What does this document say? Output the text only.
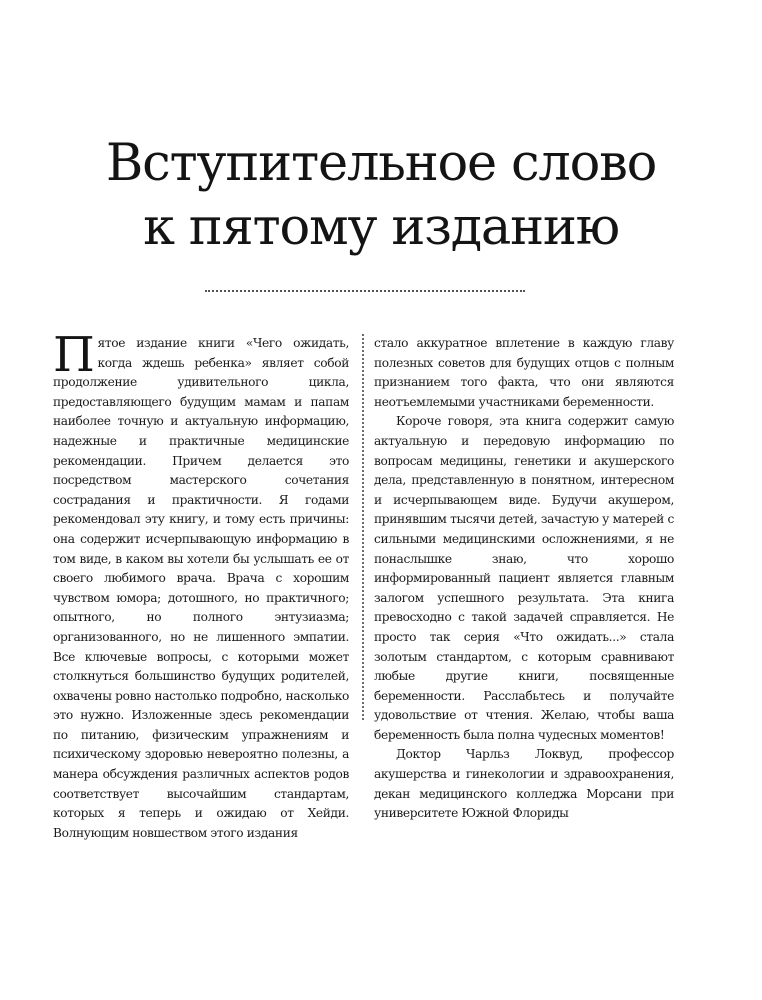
Вступительное слово
к пятому изданию

Пятое издание книги «Чего ожидать, когда ждешь ребенка» являет собой продолжение удивительного цикла, предоставляющего будущим мамам и папам наиболее точную и актуальную информацию, надежные и практичные медицинские рекомендации. Причем делается это посредством мастерского сочетания сострадания и практичности. Я годами рекомендовал эту книгу, и тому есть причины: она содержит исчерпывающую информацию в том виде, в каком вы хотели бы услышать ее от своего любимого врача. Врача с хорошим чувством юмора; дотошного, но практичного; опытного, но полного энтузиазма; организованного, но не лишенного эмпатии. Все ключевые вопросы, с которыми может столкнуться большинство будущих родителей, охвачены ровно настолько подробно, насколько это нужно. Изложенные здесь рекомендации по питанию, физическим упражнениям и психическому здоровью невероятно полезны, а манера обсуждения различных аспектов родов соответствует высочайшим стандартам, которых я теперь и ожидаю от Хейди. Волнующим новшеством этого издания

стало аккуратное вплетение в каждую главу полезных советов для будущих отцов с полным признанием того факта, что они являются неотъемлемыми участниками беременности.

Короче говоря, эта книга содержит самую актуальную и передовую информацию по вопросам медицины, генетики и акушерского дела, представленную в понятном, интересном и исчерпывающем виде. Будучи акушером, принявшим тысячи детей, зачастую у матерей с сильными медицинскими осложнениями, я не понаслышке знаю, что хорошо информированный пациент является главным залогом успешного результата. Эта книга превосходно с такой задачей справляется. Не просто так серия «Что ожидать...» стала золотым стандартом, с которым сравнивают любые другие книги, посвященные беременности. Расслабьтесь и получайте удовольствие от чтения. Желаю, чтобы ваша беременность была полна чудесных моментов!

Доктор Чарльз Локвуд, профессор акушерства и гинекологии и здравоохранения, декан медицинского колледжа Морсани при университете Южной Флориды
